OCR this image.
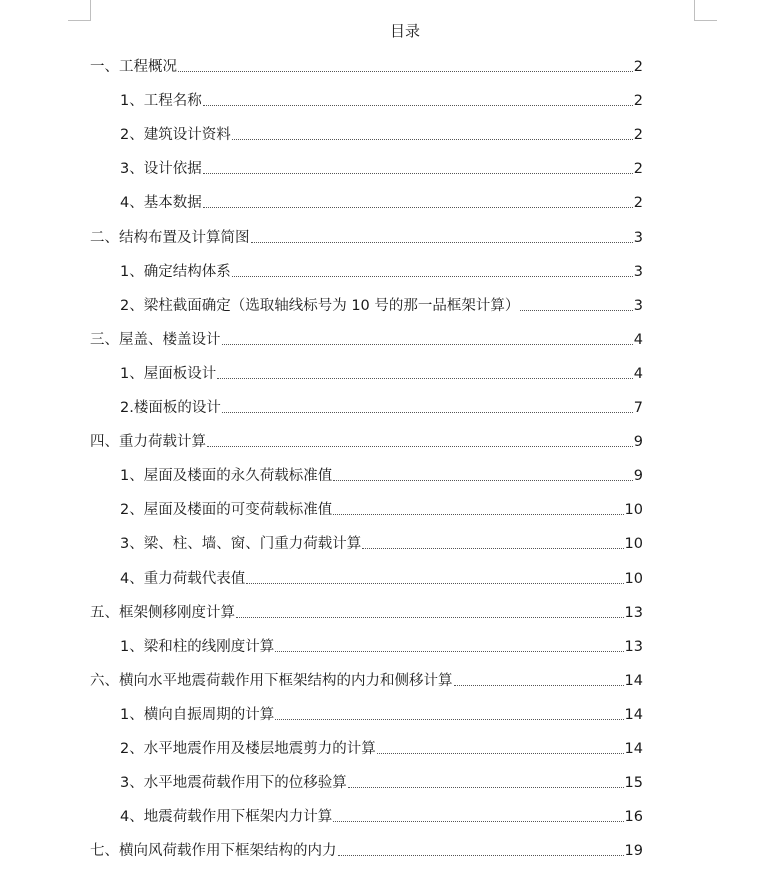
目录
一、工程概况	2
1、工程名称	2
2、建筑设计资料	2
3、设计依据	2
4、基本数据	2
二、结构布置及计算简图	3
1、确定结构体系	3
2、梁柱截面确定（选取轴线标号为 10 号的那一品框架计算）	3
三、屋盖、楼盖设计	4
1、屋面板设计	4
2.楼面板的设计	7
四、重力荷载计算	9
1、屋面及楼面的永久荷载标准值	9
2、屋面及楼面的可变荷载标准值	10
3、梁、柱、墙、窗、门重力荷载计算	10
4、重力荷载代表值	10
五、框架侧移刚度计算	13
1、梁和柱的线刚度计算	13
六、横向水平地震荷载作用下框架结构的内力和侧移计算	14
1、横向自振周期的计算	14
2、水平地震作用及楼层地震剪力的计算	14
3、水平地震荷载作用下的位移验算	15
4、地震荷载作用下框架内力计算	16
七、横向风荷载作用下框架结构的内力	19
